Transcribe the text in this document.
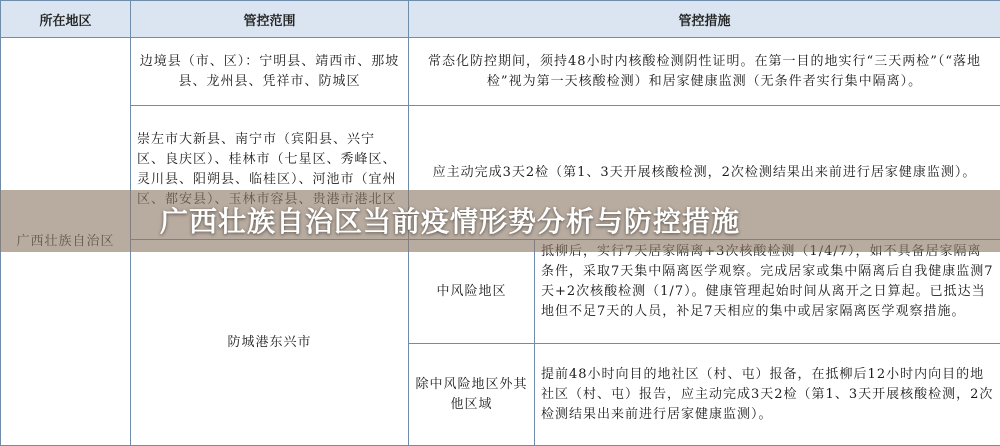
所在地区	管控范围	管控措施	
	边境县（市、区）：宁明县、靖西市、那坡县、龙州县、凭祥市、防城区	常态化防控期间，须持48小时内核酸检测阴性证明。在第一目的地实行“三天两检”（“落地检”视为第一天核酸检测）和居家健康监测（无条件者实行集中隔离）。	
	崇左市大新县、南宁市（宾阳县、兴宁区、良庆区）、桂林市（七星区、秀峰区、灵川县、阳朔县、临桂区）、河池市（宜州	应主动完成3天2检（第1、3天开展核酸检测，2次检测结果出来前进行居家健康监测）。	
	防城港东兴市	中风险地区	条件，采取7天集中隔离医学观察。完成居家或集中隔离后自我健康监测7天+2次核酸检测（1/7）。健康管理起始时间从离开之日算起。已抵达当地但不足7天的人员，补足7天相应的集中或居家隔离医学观察措施。
		除中风险地区外其他区域	提前48小时向目的地社区（村、屯）报备，在抵柳后12小时内向目的地社区（村、屯）报告，应主动完成3天2检（第1、3天开展核酸检测，2次检测结果出来前进行居家健康监测）。
广西壮族自治区当前疫情形势分析与防控措施
